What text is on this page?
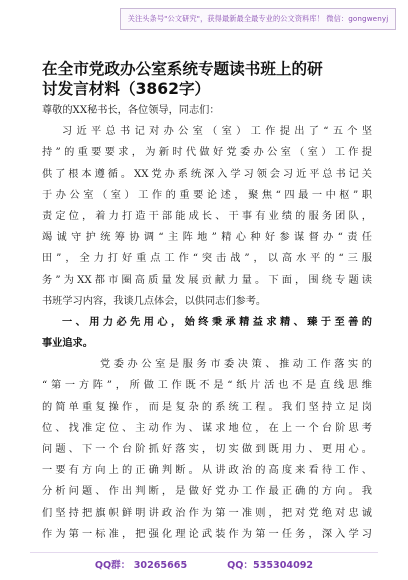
关注头条号"公文研究"，获得最新最全最专业的公文资料库！ 微信：gongwenyj
在全市党政办公室系统专题读书班上的研
讨发言材料（3862字）
尊敬的XX秘书长，各位领导，同志们：
习近平总书记对办公室（室）工作提出了“五个坚
持”的重要要求，为新时代做好党委办公室（室）工作提
供了根本遵循。XX党办系统深入学习领会习近平总书记关
于办公室（室）工作的重要论述，聚焦“四最一中枢”职
责定位，着力打造干部能成长、干事有业绩的服务团队，
竭诚守护统筹协调“主阵地”精心种好参谋督办“责任
田”，全力打好重点工作“突击战”，以高水平的“三服
务”为XX都市圈高质量发展贡献力量。下面，围绕专题读
书班学习内容，我谈几点体会，以供同志们参考。
一、用力必先用心，始终秉承精益求精、臻于至善的
事业追求。
党委办公室是服务市委决策、推动工作落实的
“第一方阵”，所做工作既不是“纸片活也不是直线思维
的简单重复操作，而是复杂的系统工程。我们坚持立足岗
位、找准定位、主动作为、谋求地位，在上一个台阶思考
问题、下一个台阶抓好落实，切实做到既用力、更用心。
一要有方向上的正确判断。从讲政治的高度来看待工作、
分析问题、作出判断，是做好党办工作最正确的方向。我
们坚持把旗帜鲜明讲政治作为第一准则，把对党绝对忠诚
作为第一标准，把强化理论武装作为第一任务，深入学习
QQ群： 30265665	QQ：535304092
